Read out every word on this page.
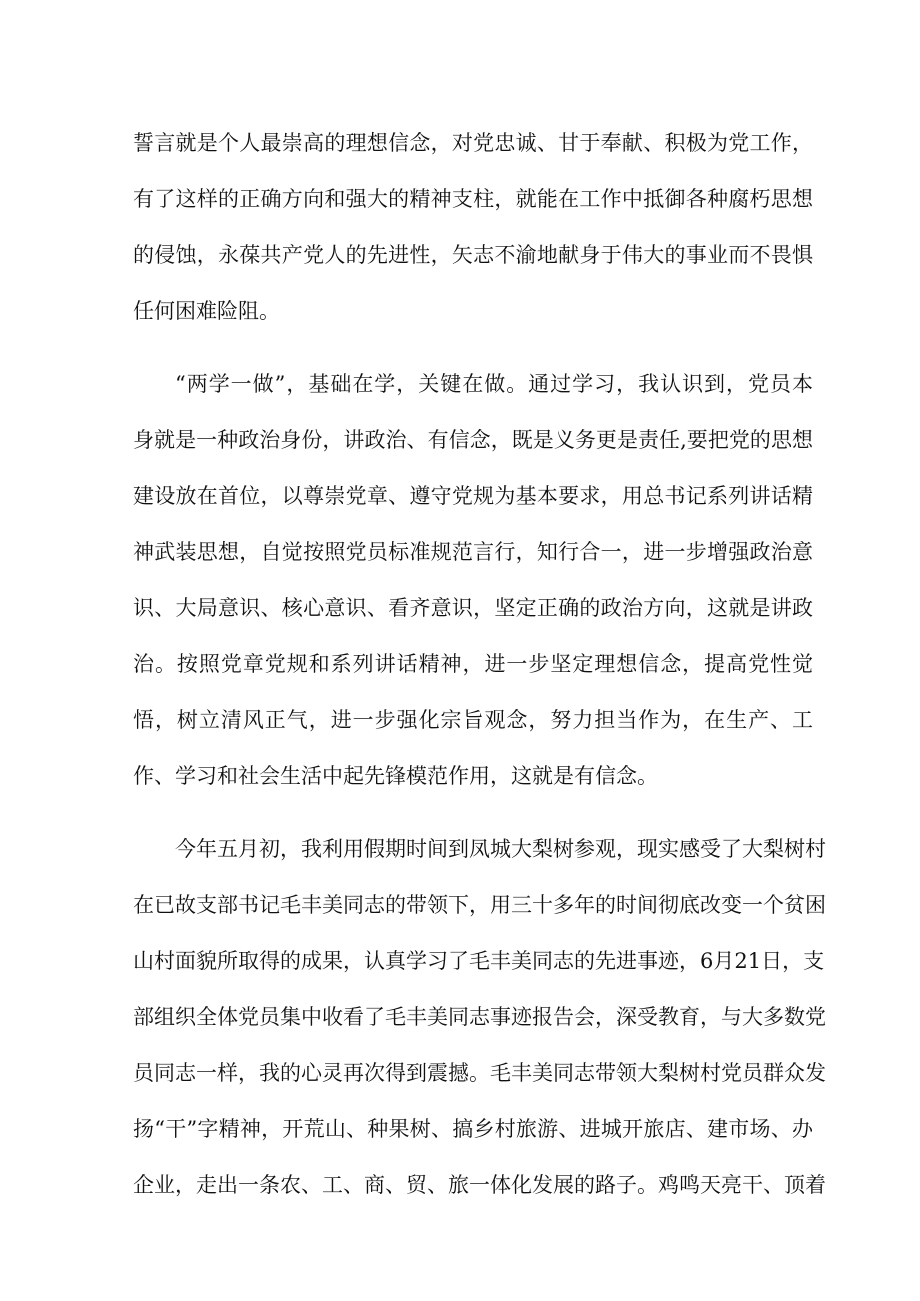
誓言就是个人最崇高的理想信念，对党忠诚、甘于奉献、积极为党工作，

有了这样的正确方向和强大的精神支柱，就能在工作中抵御各种腐朽思想

的侵蚀，永葆共产党人的先进性，矢志不渝地献身于伟大的事业而不畏惧

任何困难险阻。

“两学一做”，基础在学，关键在做。通过学习，我认识到，党员本

身就是一种政治身份，讲政治、有信念，既是义务更是责任,要把党的思想

建设放在首位，以尊崇党章、遵守党规为基本要求，用总书记系列讲话精

神武装思想，自觉按照党员标准规范言行，知行合一，进一步增强政治意

识、大局意识、核心意识、看齐意识，坚定正确的政治方向，这就是讲政

治。按照党章党规和系列讲话精神，进一步坚定理想信念，提高党性觉

悟，树立清风正气，进一步强化宗旨观念，努力担当作为，在生产、工

作、学习和社会生活中起先锋模范作用，这就是有信念。

今年五月初，我利用假期时间到凤城大梨树参观，现实感受了大梨树村

在已故支部书记毛丰美同志的带领下，用三十多年的时间彻底改变一个贫困

山村面貌所取得的成果，认真学习了毛丰美同志的先进事迹，6月21日，支

部组织全体党员集中收看了毛丰美同志事迹报告会，深受教育，与大多数党

员同志一样，我的心灵再次得到震撼。毛丰美同志带领大梨树村党员群众发

扬“干”字精神，开荒山、种果树、搞乡村旅游、进城开旅店、建市场、办

企业，走出一条农、工、商、贸、旅一体化发展的路子。鸡鸣天亮干、顶着
